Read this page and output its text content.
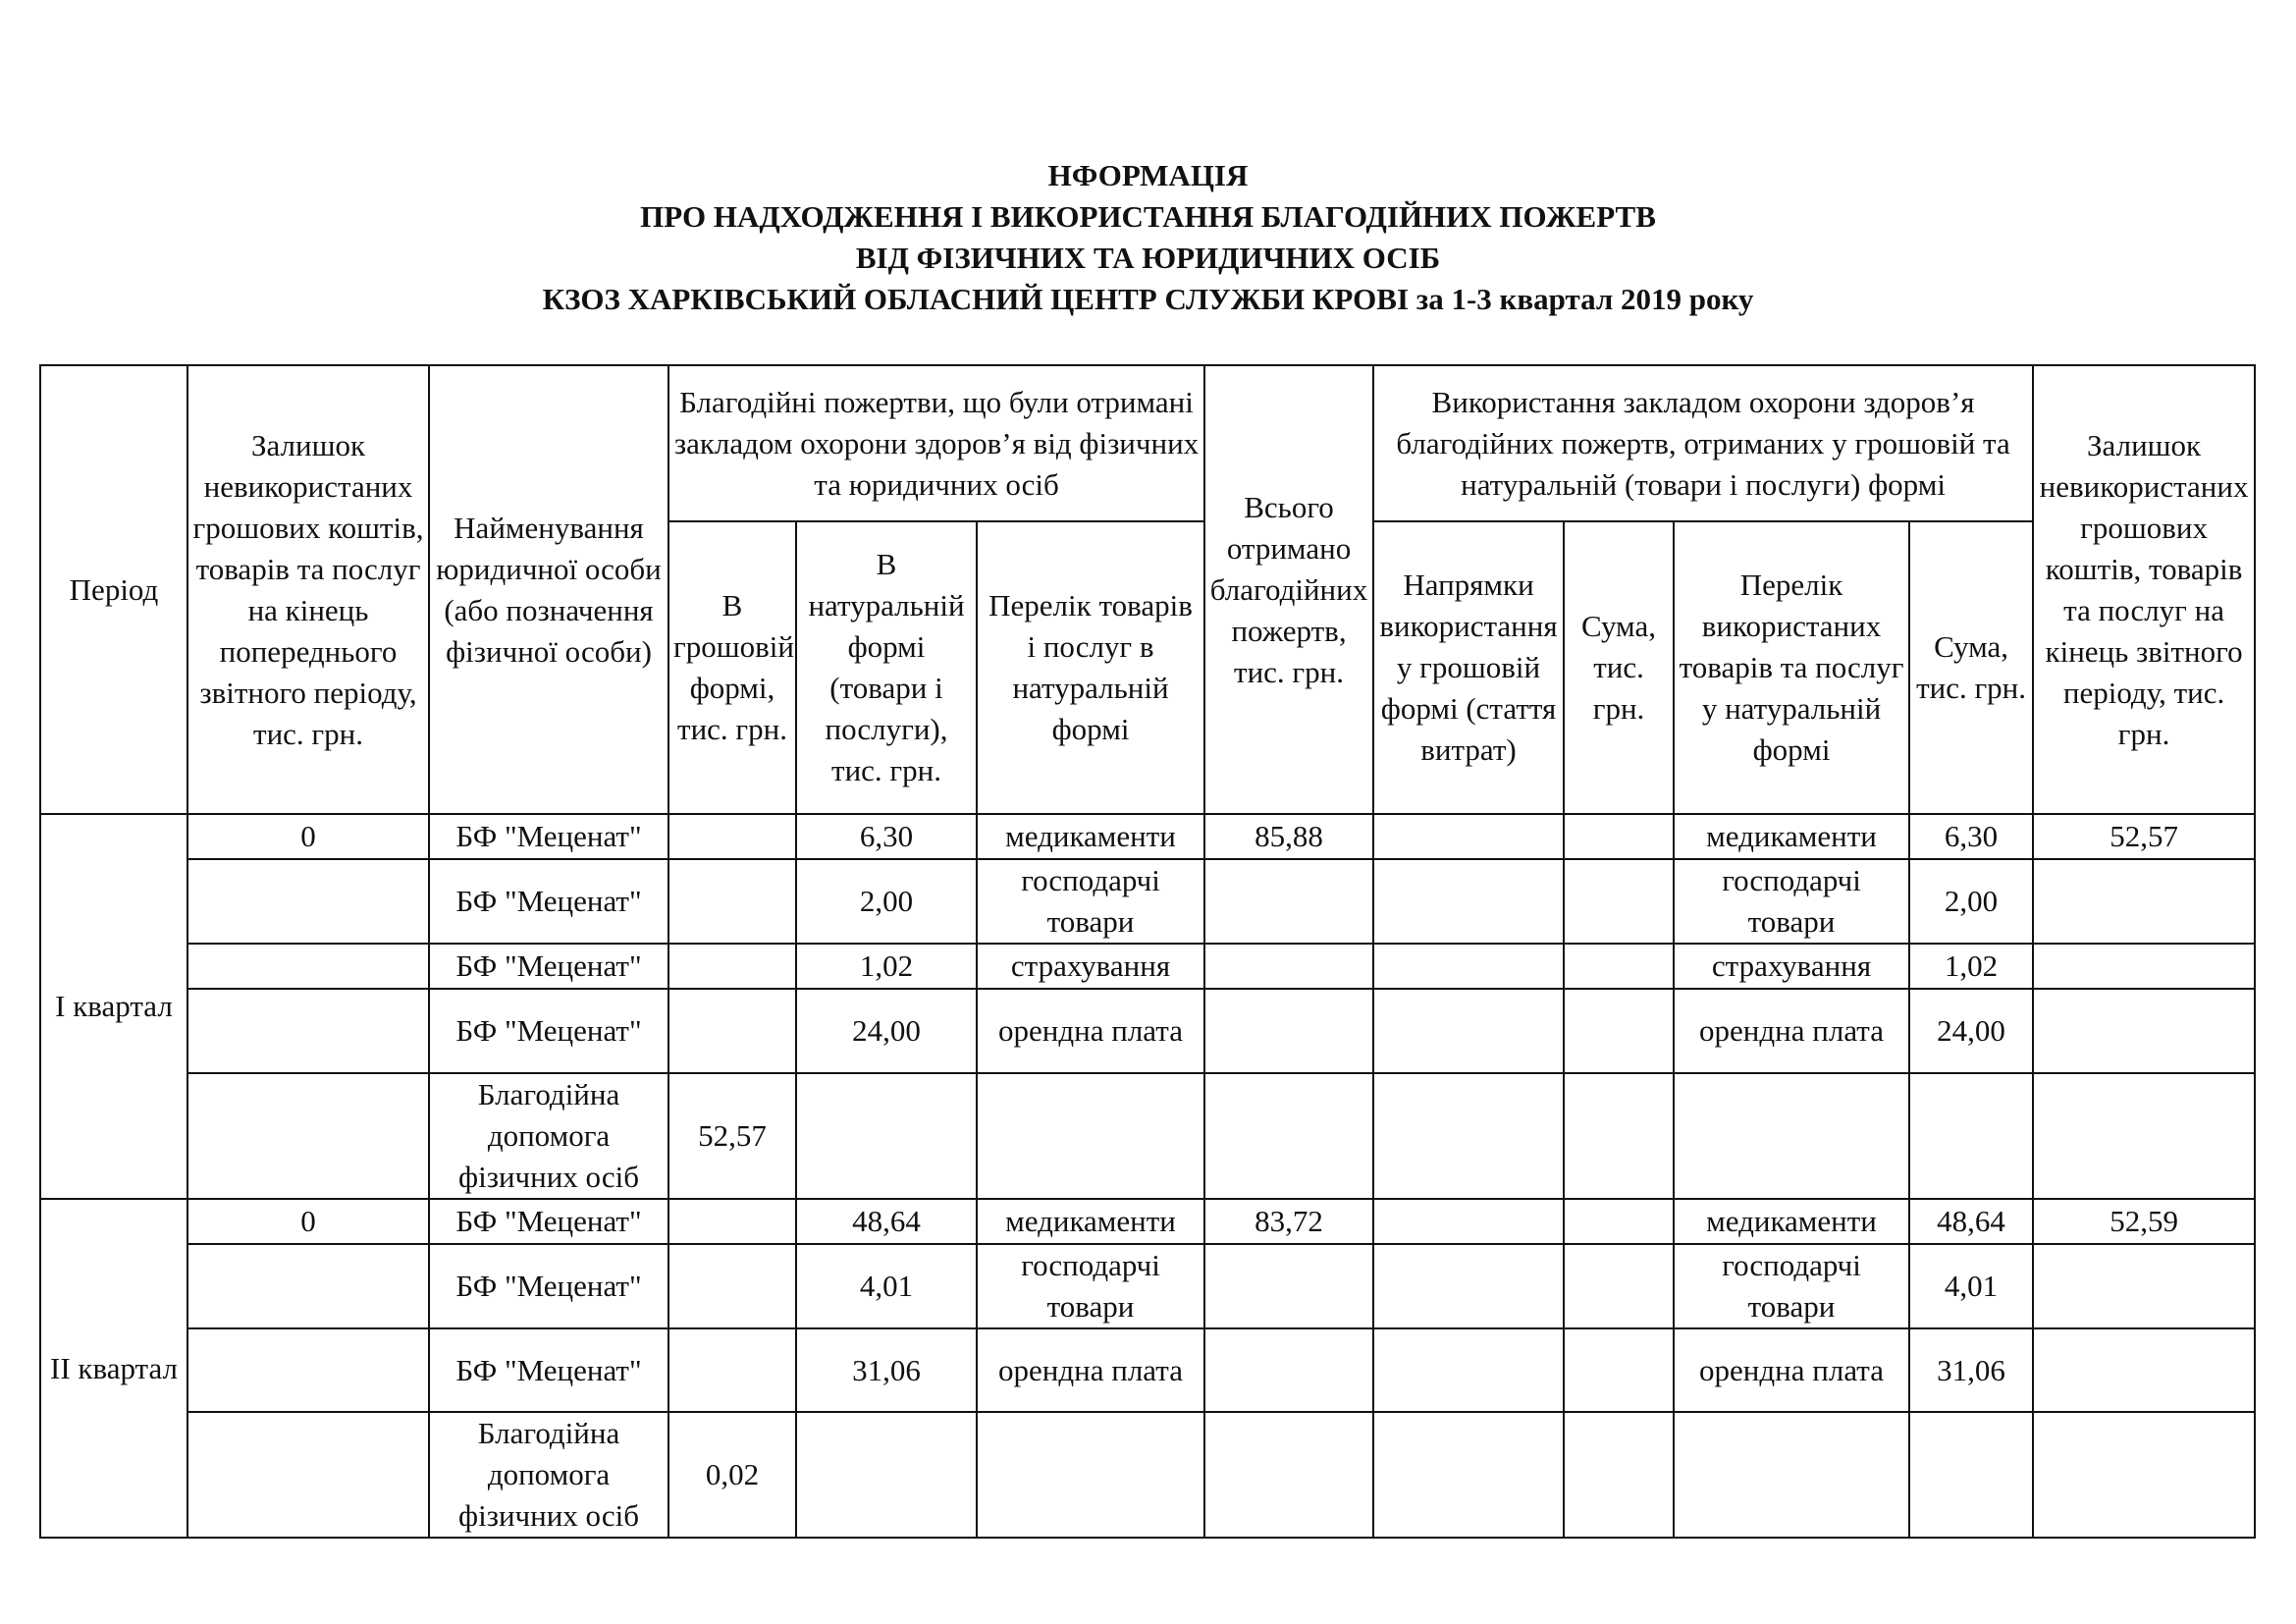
НФОРМАЦІЯ
ПРО НАДХОДЖЕННЯ І ВИКОРИСТАННЯ БЛАГОДІЙНИХ ПОЖЕРТВ
ВІД ФІЗИЧНИХ ТА ЮРИДИЧНИХ ОСІБ
КЗОЗ ХАРКІВСЬКИЙ ОБЛАСНИЙ ЦЕНТР СЛУЖБИ КРОВІ за 1-3 квартал 2019 року
Період	Залишок невикористаних грошових коштів, товарів та послуг на кінець попереднього звітного періоду, тис. грн.	Найменування юридичної особи (або позначення фізичної особи)	Благодійні пожертви, що були отримані закладом охорони здоров’я від фізичних та юридичних осіб			Всього отримано благодійних пожертв, тис. грн.	Використання закладом охорони здоров’я благодійних пожертв, отриманих у грошовій та натуральній (товари і послуги) формі				Залишок невикористаних грошових коштів, товарів та послуг на кінець звітного періоду, тис. грн.
			В грошовій формі, тис. грн.	В натуральній формі (товари і послуги), тис. грн.	Перелік товарів і послуг в натуральній формі		Напрямки використання у грошовій формі (стаття витрат)	Сума, тис. грн.	Перелік використаних товарів та послуг у натуральній формі	Сума, тис. грн.	
І квартал	0	БФ "Меценат"		6,30	медикаменти	85,88			медикаменти	6,30	52,57
		БФ "Меценат"		2,00	господарчі товари				господарчі товари	2,00	
		БФ "Меценат"		1,02	страхування				страхування	1,02	
		БФ "Меценат"		24,00	орендна плата				орендна плата	24,00	
		Благодійна допомога фізичних осіб	52,57								
ІІ квартал	0	БФ "Меценат"		48,64	медикаменти	83,72			медикаменти	48,64	52,59
		БФ "Меценат"		4,01	господарчі товари				господарчі товари	4,01	
		БФ "Меценат"		31,06	орендна плата				орендна плата	31,06	
		Благодійна допомога фізичних осіб	0,02								
